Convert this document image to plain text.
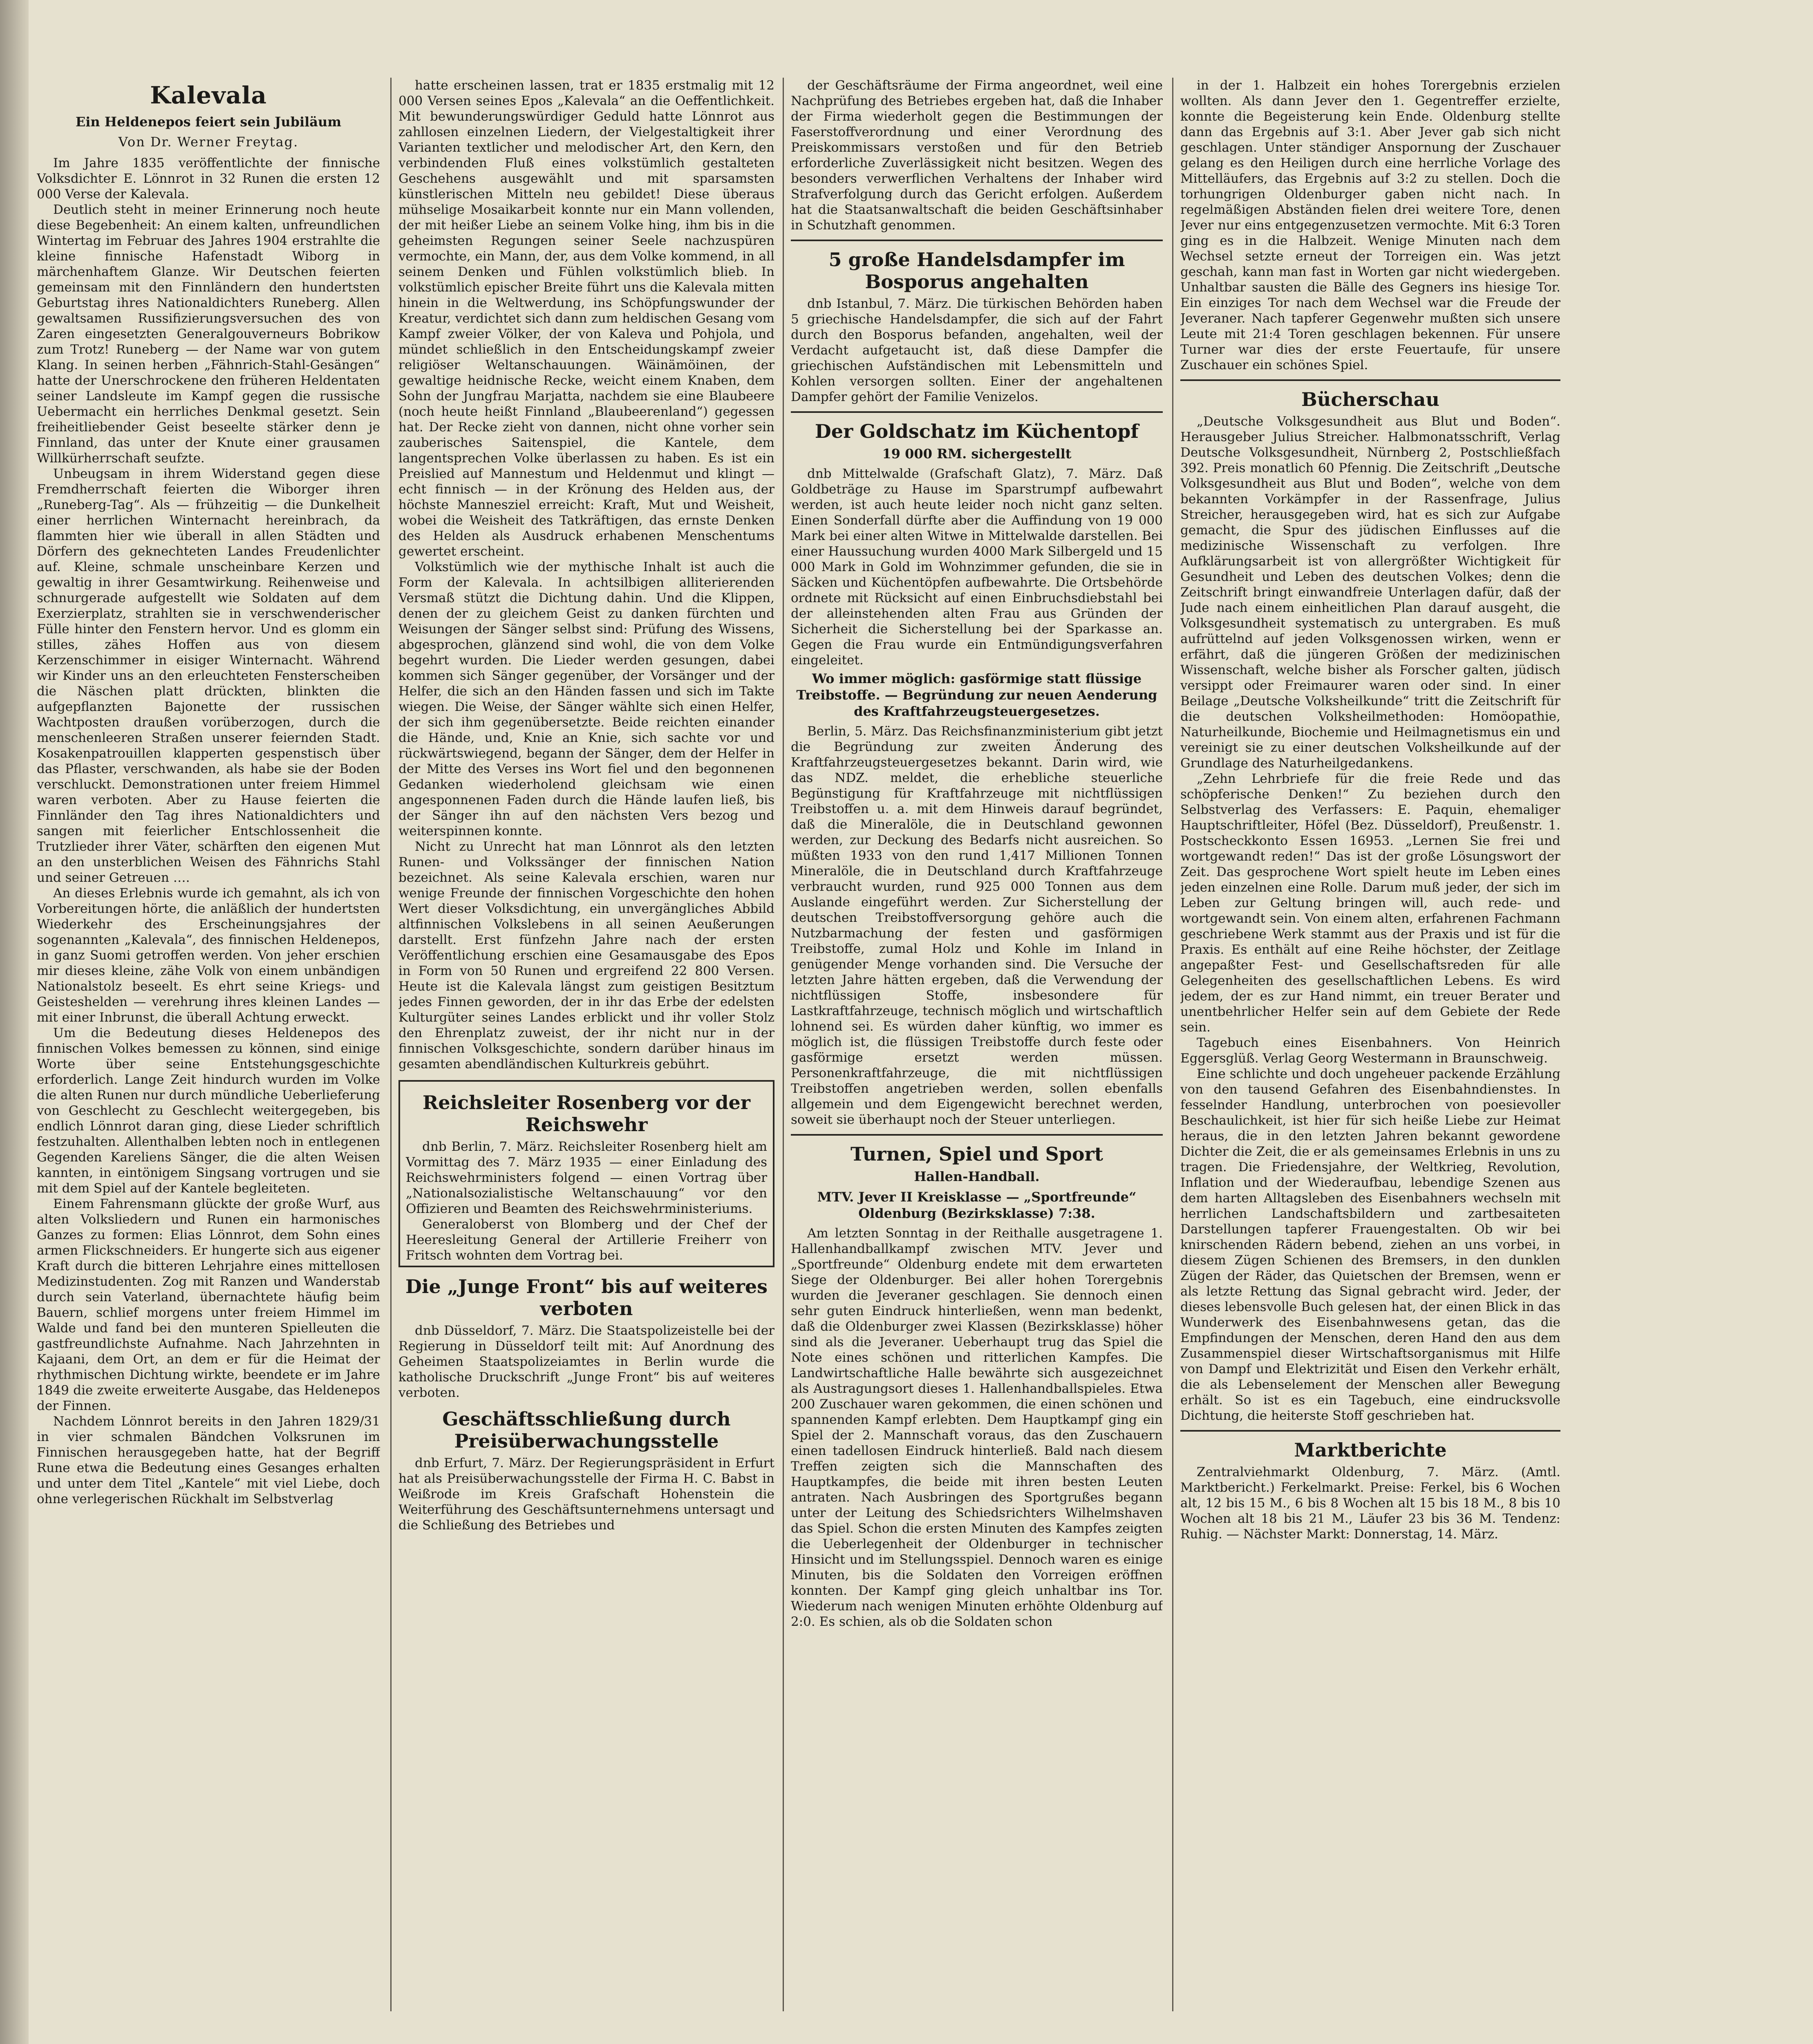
Kalevala
Ein Heldenepos feiert sein Jubiläum
Von Dr. Werner Freytag.

Im Jahre 1835 veröffentlichte der finnische Volksdichter E. Lönnrot in 32 Runen die ersten 12 000 Verse der Kalevala.

Deutlich steht in meiner Erinnerung noch heute diese Begebenheit: An einem kalten, unfreundlichen Wintertag im Februar des Jahres 1904 erstrahlte die kleine finnische Hafenstadt Wiborg in märchenhaftem Glanze. Wir Deutschen feierten gemeinsam mit den Finnländern den hundertsten Geburtstag ihres Nationaldichters Runeberg. Allen gewaltsamen Russifizierungsversuchen des von Zaren eingesetzten Generalgouverneurs Bobrikow zum Trotz! Runeberg — der Name war von gutem Klang. In seinen herben „Fähnrich-Stahl-Gesängen“ hatte der Unerschrockene den früheren Heldentaten seiner Landsleute im Kampf gegen die russische Uebermacht ein herrliches Denkmal gesetzt. Sein freiheitliebender Geist beseelte stärker denn je Finnland, das unter der Knute einer grausamen Willkürherrschaft seufzte.

Unbeugsam in ihrem Widerstand gegen diese Fremdherrschaft feierten die Wiborger ihren „Runeberg-Tag“. Als — frühzeitig — die Dunkelheit einer herrlichen Winternacht hereinbrach, da flammten hier wie überall in allen Städten und Dörfern des geknechteten Landes Freudenlichter auf. Kleine, schmale unscheinbare Kerzen und gewaltig in ihrer Gesamtwirkung. Reihenweise und schnurgerade aufgestellt wie Soldaten auf dem Exerzierplatz, strahlten sie in verschwenderischer Fülle hinter den Fenstern hervor. Und es glomm ein stilles, zähes Hoffen aus von diesem Kerzenschimmer in eisiger Winternacht. Während wir Kinder uns an den erleuchteten Fensterscheiben die Näschen platt drückten, blinkten die aufgepflanzten Bajonette der russischen Wachtposten draußen vorüberzogen, durch die menschenleeren Straßen unserer feiernden Stadt. Kosakenpatrouillen klapperten gespenstisch über das Pflaster, verschwanden, als habe sie der Boden verschluckt. Demonstrationen unter freiem Himmel waren verboten. Aber zu Hause feierten die Finnländer den Tag ihres Nationaldichters und sangen mit feierlicher Entschlossenheit die Trutzlieder ihrer Väter, schärften den eigenen Mut an den unsterblichen Weisen des Fähnrichs Stahl und seiner Getreuen ….

An dieses Erlebnis wurde ich gemahnt, als ich von Vorbereitungen hörte, die anläßlich der hundertsten Wiederkehr des Erscheinungsjahres der sogenannten „Kalevala“, des finnischen Heldenepos, in ganz Suomi getroffen werden. Von jeher erschien mir dieses kleine, zähe Volk von einem unbändigen Nationalstolz beseelt. Es ehrt seine Kriegs- und Geisteshelden — verehrung ihres kleinen Landes — mit einer Inbrunst, die überall Achtung erweckt.

Um die Bedeutung dieses Heldenepos des finnischen Volkes bemessen zu können, sind einige Worte über seine Entstehungsgeschichte erforderlich. Lange Zeit hindurch wurden im Volke die alten Runen nur durch mündliche Ueberlieferung von Geschlecht zu Geschlecht weitergegeben, bis endlich Lönnrot daran ging, diese Lieder schriftlich festzuhalten. Allenthalben lebten noch in entlegenen Gegenden Kareliens Sänger, die die alten Weisen kannten, in eintönigem Singsang vortrugen und sie mit dem Spiel auf der Kantele begleiteten.

Einem Fahrensmann glückte der große Wurf, aus alten Volksliedern und Runen ein harmonisches Ganzes zu formen: Elias Lönnrot, dem Sohn eines armen Flickschneiders. Er hungerte sich aus eigener Kraft durch die bitteren Lehrjahre eines mittellosen Medizinstudenten. Zog mit Ranzen und Wanderstab durch sein Vaterland, übernachtete häufig beim Bauern, schlief morgens unter freiem Himmel im Walde und fand bei den munteren Spielleuten die gastfreundlichste Aufnahme. Nach Jahrzehnten in Kajaani, dem Ort, an dem er für die Heimat der rhythmischen Dichtung wirkte, beendete er im Jahre 1849 die zweite erweiterte Ausgabe, das Heldenepos der Finnen.

Nachdem Lönnrot bereits in den Jahren 1829/31 in vier schmalen Bändchen Volksrunen im Finnischen herausgegeben hatte, hat der Begriff Rune etwa die Bedeutung eines Gesanges erhalten und unter dem Titel „Kantele“ mit viel Liebe, doch ohne verlegerischen Rückhalt im Selbstverlag

hatte erscheinen lassen, trat er 1835 erstmalig mit 12 000 Versen seines Epos „Kalevala“ an die Oeffentlichkeit. Mit bewunderungswürdiger Geduld hatte Lönnrot aus zahllosen einzelnen Liedern, der Vielgestaltigkeit ihrer Varianten textlicher und melodischer Art, den Kern, den verbindenden Fluß eines volkstümlich gestalteten Geschehens ausgewählt und mit sparsamsten künstlerischen Mitteln neu gebildet! Diese überaus mühselige Mosaikarbeit konnte nur ein Mann vollenden, der mit heißer Liebe an seinem Volke hing, ihm bis in die geheimsten Regungen seiner Seele nachzuspüren vermochte, ein Mann, der, aus dem Volke kommend, in all seinem Denken und Fühlen volkstümlich blieb. In volkstümlich epischer Breite führt uns die Kalevala mitten hinein in die Weltwerdung, ins Schöpfungswunder der Kreatur, verdichtet sich dann zum heldischen Gesang vom Kampf zweier Völker, der von Kaleva und Pohjola, und mündet schließlich in den Entscheidungskampf zweier religiöser Weltanschauungen. Wäinämöinen, der gewaltige heidnische Recke, weicht einem Knaben, dem Sohn der Jungfrau Marjatta, nachdem sie eine Blaubeere (noch heute heißt Finnland „Blaubeerenland“) gegessen hat. Der Recke zieht von dannen, nicht ohne vorher sein zauberisches Saitenspiel, die Kantele, dem langentsprechen Volke überlassen zu haben. Es ist ein Preislied auf Mannestum und Heldenmut und klingt — echt finnisch — in der Krönung des Helden aus, der höchste Mannesziel erreicht: Kraft, Mut und Weisheit, wobei die Weisheit des Tatkräftigen, das ernste Denken des Helden als Ausdruck erhabenen Menschentums gewertet erscheint.

Volkstümlich wie der mythische Inhalt ist auch die Form der Kalevala. In achtsilbigen alliterierenden Versmaß stützt die Dichtung dahin. Und die Klippen, denen der zu gleichem Geist zu danken fürchten und Weisungen der Sänger selbst sind: Prüfung des Wissens, abgesprochen, glänzend sind wohl, die von dem Volke begehrt wurden. Die Lieder werden gesungen, dabei kommen sich Sänger gegenüber, der Vorsänger und der Helfer, die sich an den Händen fassen und sich im Takte wiegen. Die Weise, der Sänger wählte sich einen Helfer, der sich ihm gegenübersetzte. Beide reichten einander die Hände, und, Knie an Knie, sich sachte vor und rückwärtswiegend, begann der Sänger, dem der Helfer in der Mitte des Verses ins Wort fiel und den begonnenen Gedanken wiederholend gleichsam wie einen angesponnenen Faden durch die Hände laufen ließ, bis der Sänger ihn auf den nächsten Vers bezog und weiterspinnen konnte.

Nicht zu Unrecht hat man Lönnrot als den letzten Runen- und Volkssänger der finnischen Nation bezeichnet. Als seine Kalevala erschien, waren nur wenige Freunde der finnischen Vorgeschichte den hohen Wert dieser Volksdichtung, ein unvergängliches Abbild altfinnischen Volkslebens in all seinen Aeußerungen darstellt. Erst fünfzehn Jahre nach der ersten Veröffentlichung erschien eine Gesamausgabe des Epos in Form von 50 Runen und ergreifend 22 800 Versen. Heute ist die Kalevala längst zum geistigen Besitztum jedes Finnen geworden, der in ihr das Erbe der edelsten Kulturgüter seines Landes erblickt und ihr voller Stolz den Ehrenplatz zuweist, der ihr nicht nur in der finnischen Volksgeschichte, sondern darüber hinaus im gesamten abendländischen Kulturkreis gebührt.

Reichsleiter Rosenberg vor der Reichswehr

dnb Berlin, 7. März. Reichsleiter Rosenberg hielt am Vormittag des 7. März 1935 — einer Einladung des Reichswehrministers folgend — einen Vortrag über „Nationalsozialistische Weltanschauung“ vor den Offizieren und Beamten des Reichswehrministeriums.

Generaloberst von Blomberg und der Chef der Heeresleitung General der Artillerie Freiherr von Fritsch wohnten dem Vortrag bei.

Die „Junge Front“ bis auf weiteres verboten

dnb Düsseldorf, 7. März. Die Staatspolizeistelle bei der Regierung in Düsseldorf teilt mit: Auf Anordnung des Geheimen Staatspolizeiamtes in Berlin wurde die katholische Druckschrift „Junge Front“ bis auf weiteres verboten.

Geschäftsschließung durch Preisüberwachungsstelle

dnb Erfurt, 7. März. Der Regierungspräsident in Erfurt hat als Preisüberwachungsstelle der Firma H. C. Babst in Weißrode im Kreis Grafschaft Hohenstein die Weiterführung des Geschäftsunternehmens untersagt und die Schließung des Betriebes und

der Geschäftsräume der Firma angeordnet, weil eine Nachprüfung des Betriebes ergeben hat, daß die Inhaber der Firma wiederholt gegen die Bestimmungen der Faserstoffverordnung und einer Verordnung des Preiskommissars verstoßen und für den Betrieb erforderliche Zuverlässigkeit nicht besitzen. Wegen des besonders verwerflichen Verhaltens der Inhaber wird Strafverfolgung durch das Gericht erfolgen. Außerdem hat die Staatsanwaltschaft die beiden Geschäftsinhaber in Schutzhaft genommen.

5 große Handelsdampfer im Bosporus angehalten

dnb Istanbul, 7. März. Die türkischen Behörden haben 5 griechische Handelsdampfer, die sich auf der Fahrt durch den Bosporus befanden, angehalten, weil der Verdacht aufgetaucht ist, daß diese Dampfer die griechischen Aufständischen mit Lebensmitteln und Kohlen versorgen sollten. Einer der angehaltenen Dampfer gehört der Familie Venizelos.

Der Goldschatz im Küchentopf
19 000 RM. sichergestellt

dnb Mittelwalde (Grafschaft Glatz), 7. März. Daß Goldbeträge zu Hause im Sparstrumpf aufbewahrt werden, ist auch heute leider noch nicht ganz selten. Einen Sonderfall dürfte aber die Auffindung von 19 000 Mark bei einer alten Witwe in Mittelwalde darstellen. Bei einer Haussuchung wurden 4000 Mark Silbergeld und 15 000 Mark in Gold im Wohnzimmer gefunden, die sie in Säcken und Küchentöpfen aufbewahrte. Die Ortsbehörde ordnete mit Rücksicht auf einen Einbruchsdiebstahl bei der alleinstehenden alten Frau aus Gründen der Sicherheit die Sicherstellung bei der Sparkasse an. Gegen die Frau wurde ein Entmündigungsverfahren eingeleitet.

Wo immer möglich: gasförmige statt flüssige Treibstoffe. — Begründung zur neuen Aenderung des Kraftfahrzeugsteuergesetzes.

Berlin, 5. März. Das Reichsfinanzministerium gibt jetzt die Begründung zur zweiten Änderung des Kraftfahrzeugsteuergesetzes bekannt. Darin wird, wie das NDZ. meldet, die erhebliche steuerliche Begünstigung für Kraftfahrzeuge mit nichtflüssigen Treibstoffen u. a. mit dem Hinweis darauf begründet, daß die Mineralöle, die in Deutschland gewonnen werden, zur Deckung des Bedarfs nicht ausreichen. So müßten 1933 von den rund 1,417 Millionen Tonnen Mineralöle, die in Deutschland durch Kraftfahrzeuge verbraucht wurden, rund 925 000 Tonnen aus dem Auslande eingeführt werden. Zur Sicherstellung der deutschen Treibstoffversorgung gehöre auch die Nutzbarmachung der festen und gasförmigen Treibstoffe, zumal Holz und Kohle im Inland in genügender Menge vorhanden sind. Die Versuche der letzten Jahre hätten ergeben, daß die Verwendung der nichtflüssigen Stoffe, insbesondere für Lastkraftfahrzeuge, technisch möglich und wirtschaftlich lohnend sei. Es würden daher künftig, wo immer es möglich ist, die flüssigen Treibstoffe durch feste oder gasförmige ersetzt werden müssen. Personenkraftfahrzeuge, die mit nichtflüssigen Treibstoffen angetrieben werden, sollen ebenfalls allgemein und dem Eigengewicht berechnet werden, soweit sie überhaupt noch der Steuer unterliegen.

Turnen, Spiel und Sport
Hallen-Handball.
MTV. Jever II Kreisklasse — „Sportfreunde“ Oldenburg (Bezirksklasse) 7:38.

Am letzten Sonntag in der Reithalle ausgetragene 1. Hallenhandballkampf zwischen MTV. Jever und „Sportfreunde“ Oldenburg endete mit dem erwarteten Siege der Oldenburger. Bei aller hohen Torergebnis wurden die Jeveraner geschlagen. Sie dennoch einen sehr guten Eindruck hinterließen, wenn man bedenkt, daß die Oldenburger zwei Klassen (Bezirksklasse) höher sind als die Jeveraner. Ueberhaupt trug das Spiel die Note eines schönen und ritterlichen Kampfes. Die Landwirtschaftliche Halle bewährte sich ausgezeichnet als Austragungsort dieses 1. Hallenhandballspieles. Etwa 200 Zuschauer waren gekommen, die einen schönen und spannenden Kampf erlebten. Dem Hauptkampf ging ein Spiel der 2. Mannschaft voraus, das den Zuschauern einen tadellosen Eindruck hinterließ. Bald nach diesem Treffen zeigten sich die Mannschaften des Hauptkampfes, die beide mit ihren besten Leuten antraten. Nach Ausbringen des Sportgrußes begann unter der Leitung des Schiedsrichters Wilhelmshaven das Spiel. Schon die ersten Minuten des Kampfes zeigten die Ueberlegenheit der Oldenburger in technischer Hinsicht und im Stellungsspiel. Dennoch waren es einige Minuten, bis die Soldaten den Vorreigen eröffnen konnten. Der Kampf ging gleich unhaltbar ins Tor. Wiederum nach wenigen Minuten erhöhte Oldenburg auf 2:0. Es schien, als ob die Soldaten schon

in der 1. Halbzeit ein hohes Torergebnis erzielen wollten. Als dann Jever den 1. Gegentreffer erzielte, konnte die Begeisterung kein Ende. Oldenburg stellte dann das Ergebnis auf 3:1. Aber Jever gab sich nicht geschlagen. Unter ständiger Anspornung der Zuschauer gelang es den Heiligen durch eine herrliche Vorlage des Mittelläufers, das Ergebnis auf 3:2 zu stellen. Doch die torhungrigen Oldenburger gaben nicht nach. In regelmäßigen Abständen fielen drei weitere Tore, denen Jever nur eins entgegenzusetzen vermochte. Mit 6:3 Toren ging es in die Halbzeit. Wenige Minuten nach dem Wechsel setzte erneut der Torreigen ein. Was jetzt geschah, kann man fast in Worten gar nicht wiedergeben. Unhaltbar sausten die Bälle des Gegners ins hiesige Tor. Ein einziges Tor nach dem Wechsel war die Freude der Jeveraner. Nach tapferer Gegenwehr mußten sich unsere Leute mit 21:4 Toren geschlagen bekennen. Für unsere Turner war dies der erste Feuertaufe, für unsere Zuschauer ein schönes Spiel.

Bücherschau

„Deutsche Volksgesundheit aus Blut und Boden“. Herausgeber Julius Streicher. Halbmonatsschrift, Verlag Deutsche Volksgesundheit, Nürnberg 2, Postschließfach 392. Preis monatlich 60 Pfennig. Die Zeitschrift „Deutsche Volksgesundheit aus Blut und Boden“, welche von dem bekannten Vorkämpfer in der Rassenfrage, Julius Streicher, herausgegeben wird, hat es sich zur Aufgabe gemacht, die Spur des jüdischen Einflusses auf die medizinische Wissenschaft zu verfolgen. Ihre Aufklärungsarbeit ist von allergrößter Wichtigkeit für Gesundheit und Leben des deutschen Volkes; denn die Zeitschrift bringt einwandfreie Unterlagen dafür, daß der Jude nach einem einheitlichen Plan darauf ausgeht, die Volksgesundheit systematisch zu untergraben. Es muß aufrüttelnd auf jeden Volksgenossen wirken, wenn er erfährt, daß die jüngeren Größen der medizinischen Wissenschaft, welche bisher als Forscher galten, jüdisch versippt oder Freimaurer waren oder sind. In einer Beilage „Deutsche Volksheilkunde“ tritt die Zeitschrift für die deutschen Volksheilmethoden: Homöopathie, Naturheilkunde, Biochemie und Heilmagnetismus ein und vereinigt sie zu einer deutschen Volksheilkunde auf der Grundlage des Naturheilgedankens.

„Zehn Lehrbriefe für die freie Rede und das schöpferische Denken!“ Zu beziehen durch den Selbstverlag des Verfassers: E. Paquin, ehemaliger Hauptschriftleiter, Höfel (Bez. Düsseldorf), Preußenstr. 1. Postscheckkonto Essen 16953. „Lernen Sie frei und wortgewandt reden!“ Das ist der große Lösungswort der Zeit. Das gesprochene Wort spielt heute im Leben eines jeden einzelnen eine Rolle. Darum muß jeder, der sich im Leben zur Geltung bringen will, auch rede- und wortgewandt sein. Von einem alten, erfahrenen Fachmann geschriebene Werk stammt aus der Praxis und ist für die Praxis. Es enthält auf eine Reihe höchster, der Zeitlage angepaßter Fest- und Gesellschaftsreden für alle Gelegenheiten des gesellschaftlichen Lebens. Es wird jedem, der es zur Hand nimmt, ein treuer Berater und unentbehrlicher Helfer sein auf dem Gebiete der Rede sein.

Tagebuch eines Eisenbahners. Von Heinrich Eggersglüß. Verlag Georg Westermann in Braunschweig.

Eine schlichte und doch ungeheuer packende Erzählung von den tausend Gefahren des Eisenbahndienstes. In fesselnder Handlung, unterbrochen von poesievoller Beschaulichkeit, ist hier für sich heiße Liebe zur Heimat heraus, die in den letzten Jahren bekannt gewordene Dichter die Zeit, die er als gemeinsames Erlebnis in uns zu tragen. Die Friedensjahre, der Weltkrieg, Revolution, Inflation und der Wiederaufbau, lebendige Szenen aus dem harten Alltagsleben des Eisenbahners wechseln mit herrlichen Landschaftsbildern und zartbesaiteten Darstellungen tapferer Frauengestalten. Ob wir bei knirschenden Rädern bebend, ziehen an uns vorbei, in diesem Zügen Schienen des Bremsers, in den dunklen Zügen der Räder, das Quietschen der Bremsen, wenn er als letzte Rettung das Signal gebracht wird. Jeder, der dieses lebensvolle Buch gelesen hat, der einen Blick in das Wunderwerk des Eisenbahnwesens getan, das die Empfindungen der Menschen, deren Hand den aus dem Zusammenspiel dieser Wirtschaftsorganismus mit Hilfe von Dampf und Elektrizität und Eisen den Verkehr erhält, die als Lebenselement der Menschen aller Bewegung erhält. So ist es ein Tagebuch, eine eindrucksvolle Dichtung, die heiterste Stoff geschrieben hat.

Marktberichte

Zentralviehmarkt Oldenburg, 7. März. (Amtl. Marktbericht.) Ferkelmarkt. Preise: Ferkel, bis 6 Wochen alt, 12 bis 15 M., 6 bis 8 Wochen alt 15 bis 18 M., 8 bis 10 Wochen alt 18 bis 21 M., Läufer 23 bis 36 M. Tendenz: Ruhig. — Nächster Markt: Donnerstag, 14. März.
